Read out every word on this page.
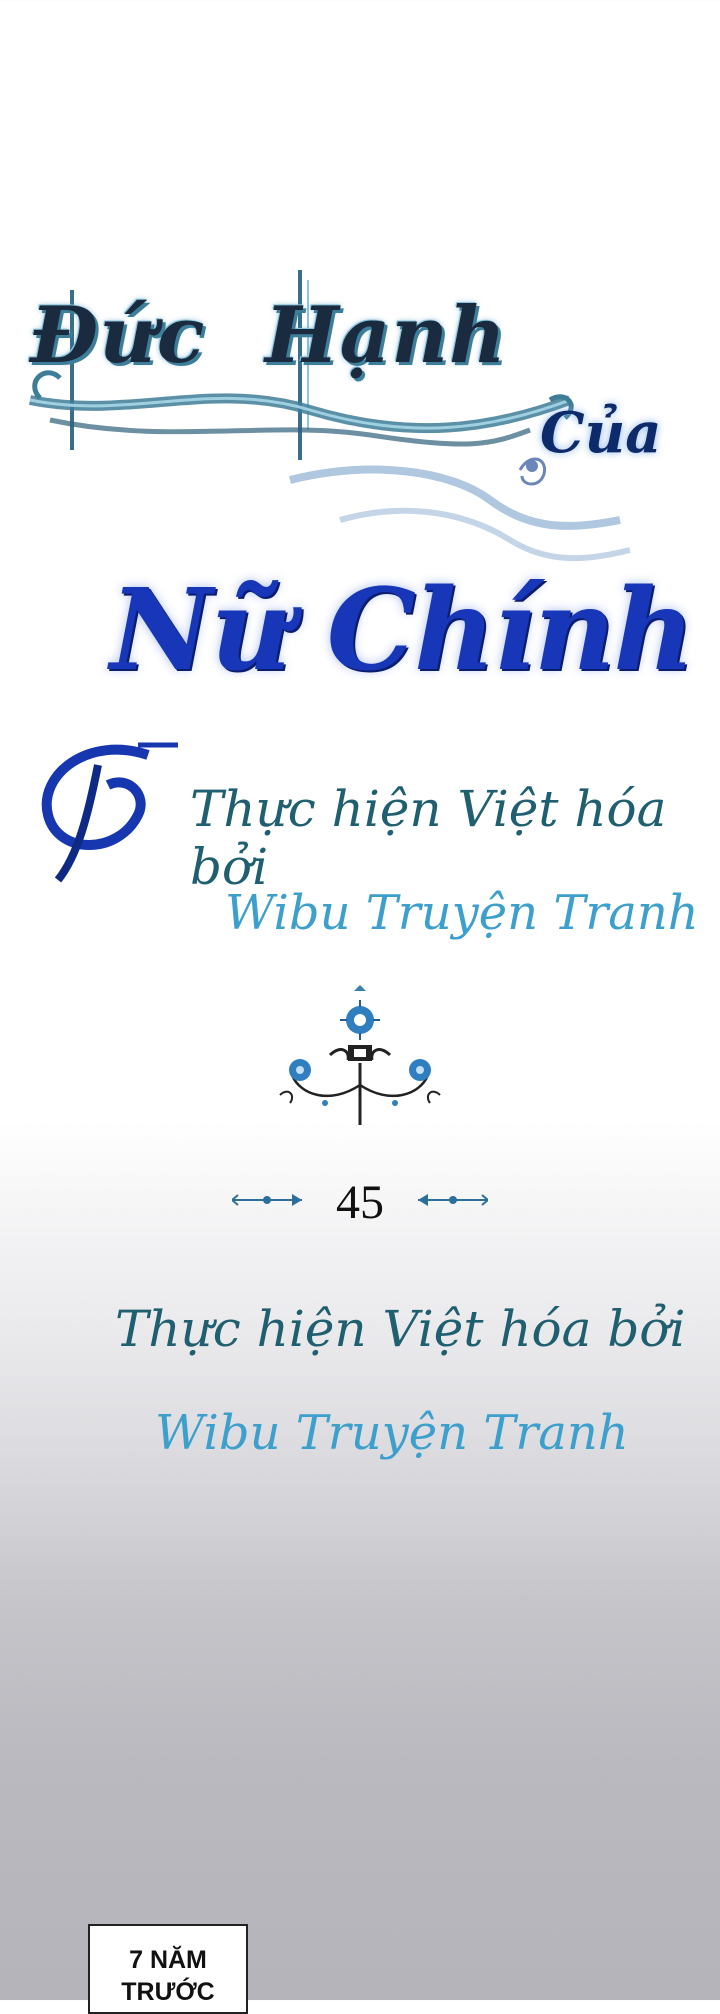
Đức Hạnh
Của
Nữ Chính
Thực hiện Việt hóa bởi
Wibu Truyện Tranh
45
Thực hiện Việt hóa bởi
Wibu Truyện Tranh
7 NĂM TRƯỚC
